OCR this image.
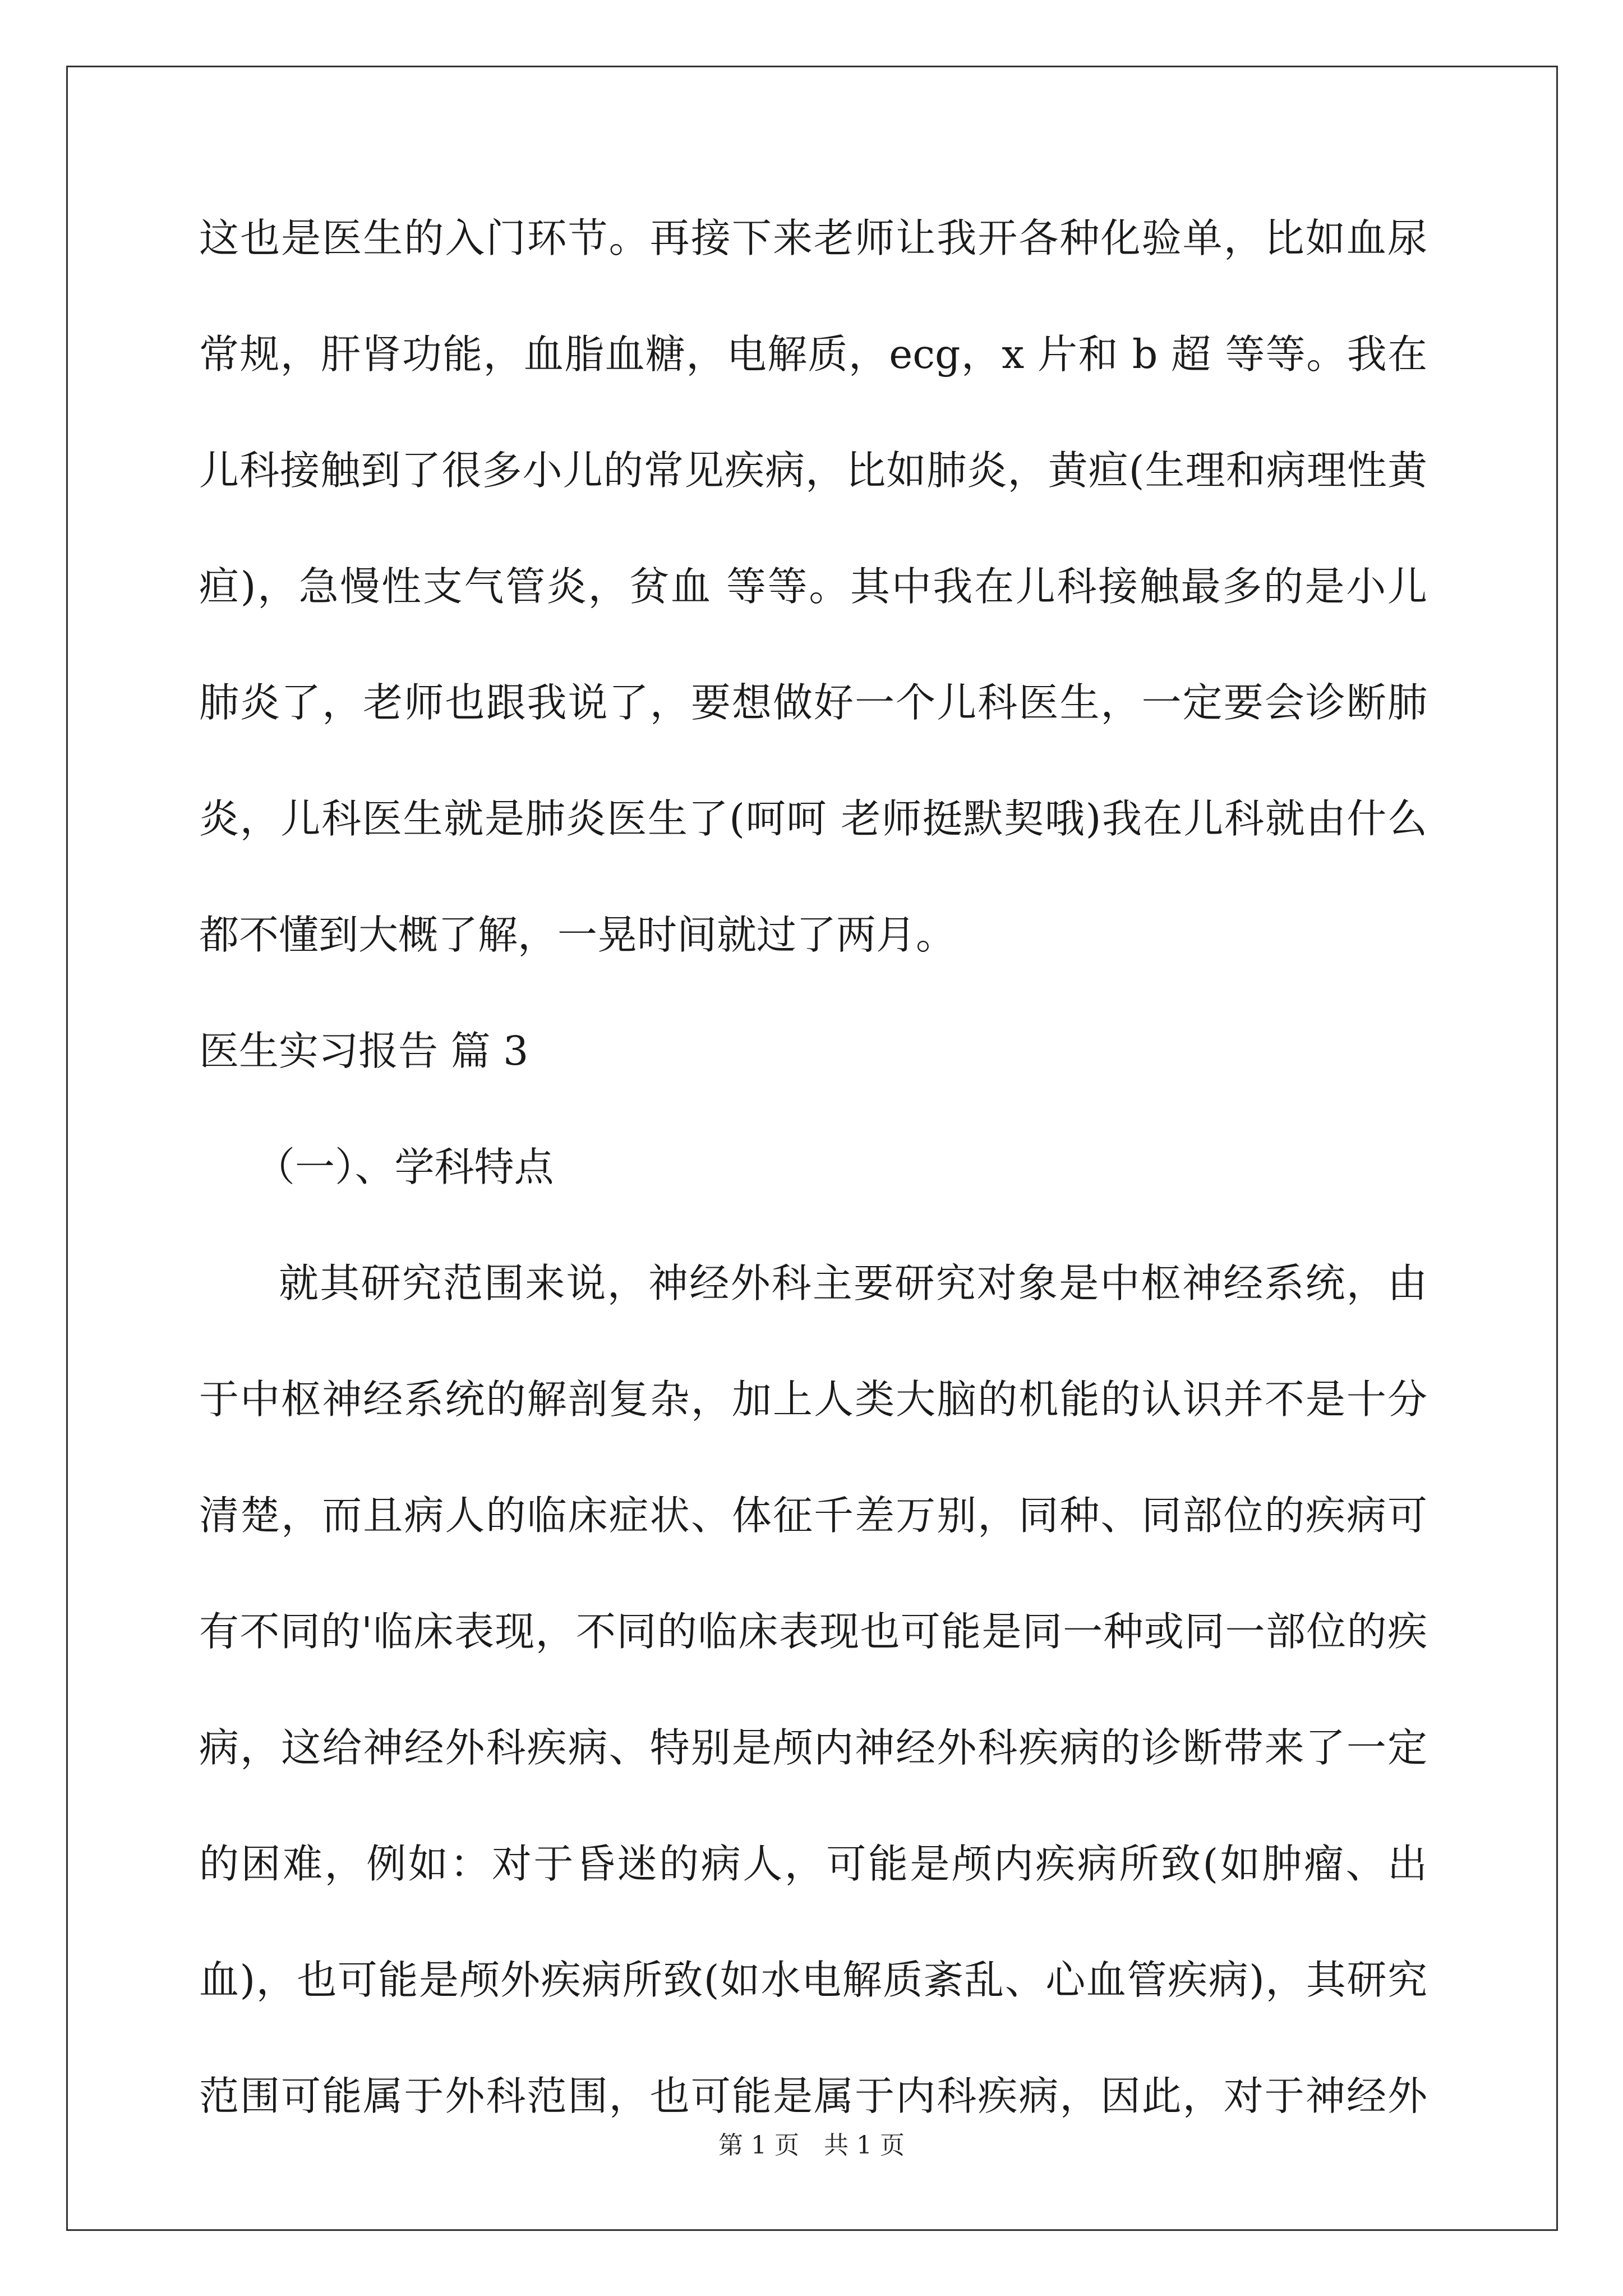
这也是医生的入门环节。再接下来老师让我开各种化验单，比如血尿
常规，肝肾功能，血脂血糖，电解质，ecg，x 片和 b 超 等等。我在
儿科接触到了很多小儿的常见疾病，比如肺炎，黄疸(生理和病理性黄
疸)，急慢性支气管炎，贫血 等等。其中我在儿科接触最多的是小儿
肺炎了，老师也跟我说了，要想做好一个儿科医生，一定要会诊断肺
炎，儿科医生就是肺炎医生了(呵呵 老师挺默契哦)我在儿科就由什么
都不懂到大概了解，一晃时间就过了两月。
医生实习报告 篇 3
（一）、学科特点
就其研究范围来说，神经外科主要研究对象是中枢神经系统，由
于中枢神经系统的解剖复杂，加上人类大脑的机能的认识并不是十分
清楚，而且病人的临床症状、体征千差万别，同种、同部位的疾病可
有不同的'临床表现，不同的临床表现也可能是同一种或同一部位的疾
病，这给神经外科疾病、特别是颅内神经外科疾病的诊断带来了一定
的困难，例如：对于昏迷的病人，可能是颅内疾病所致(如肿瘤、出
血)，也可能是颅外疾病所致(如水电解质紊乱、心血管疾病)，其研究
范围可能属于外科范围，也可能是属于内科疾病，因此，对于神经外
第 1 页　共 1 页
